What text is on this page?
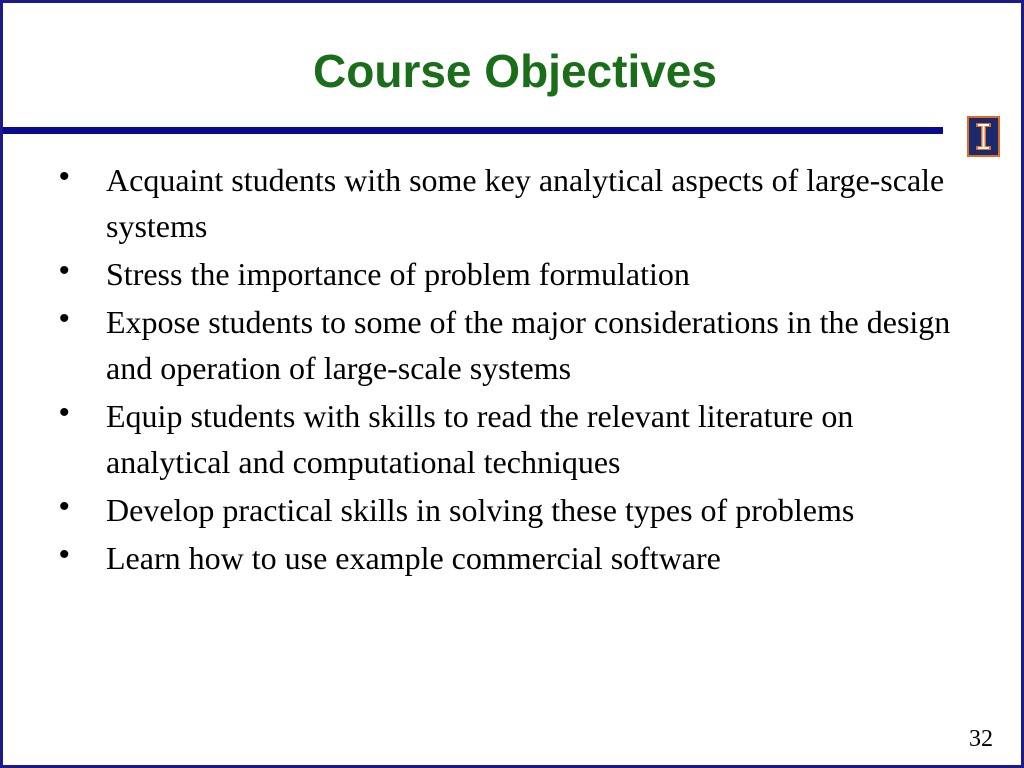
Course Objectives
• Acquaint students with some key analytical aspects of large-scale systems
• Stress the importance of problem formulation
• Expose students to some of the major considerations in the design and operation of large-scale systems
• Equip students with skills to read the relevant literature on analytical and computational techniques
• Develop practical skills in solving these types of problems
• Learn how to use example commercial software
32
